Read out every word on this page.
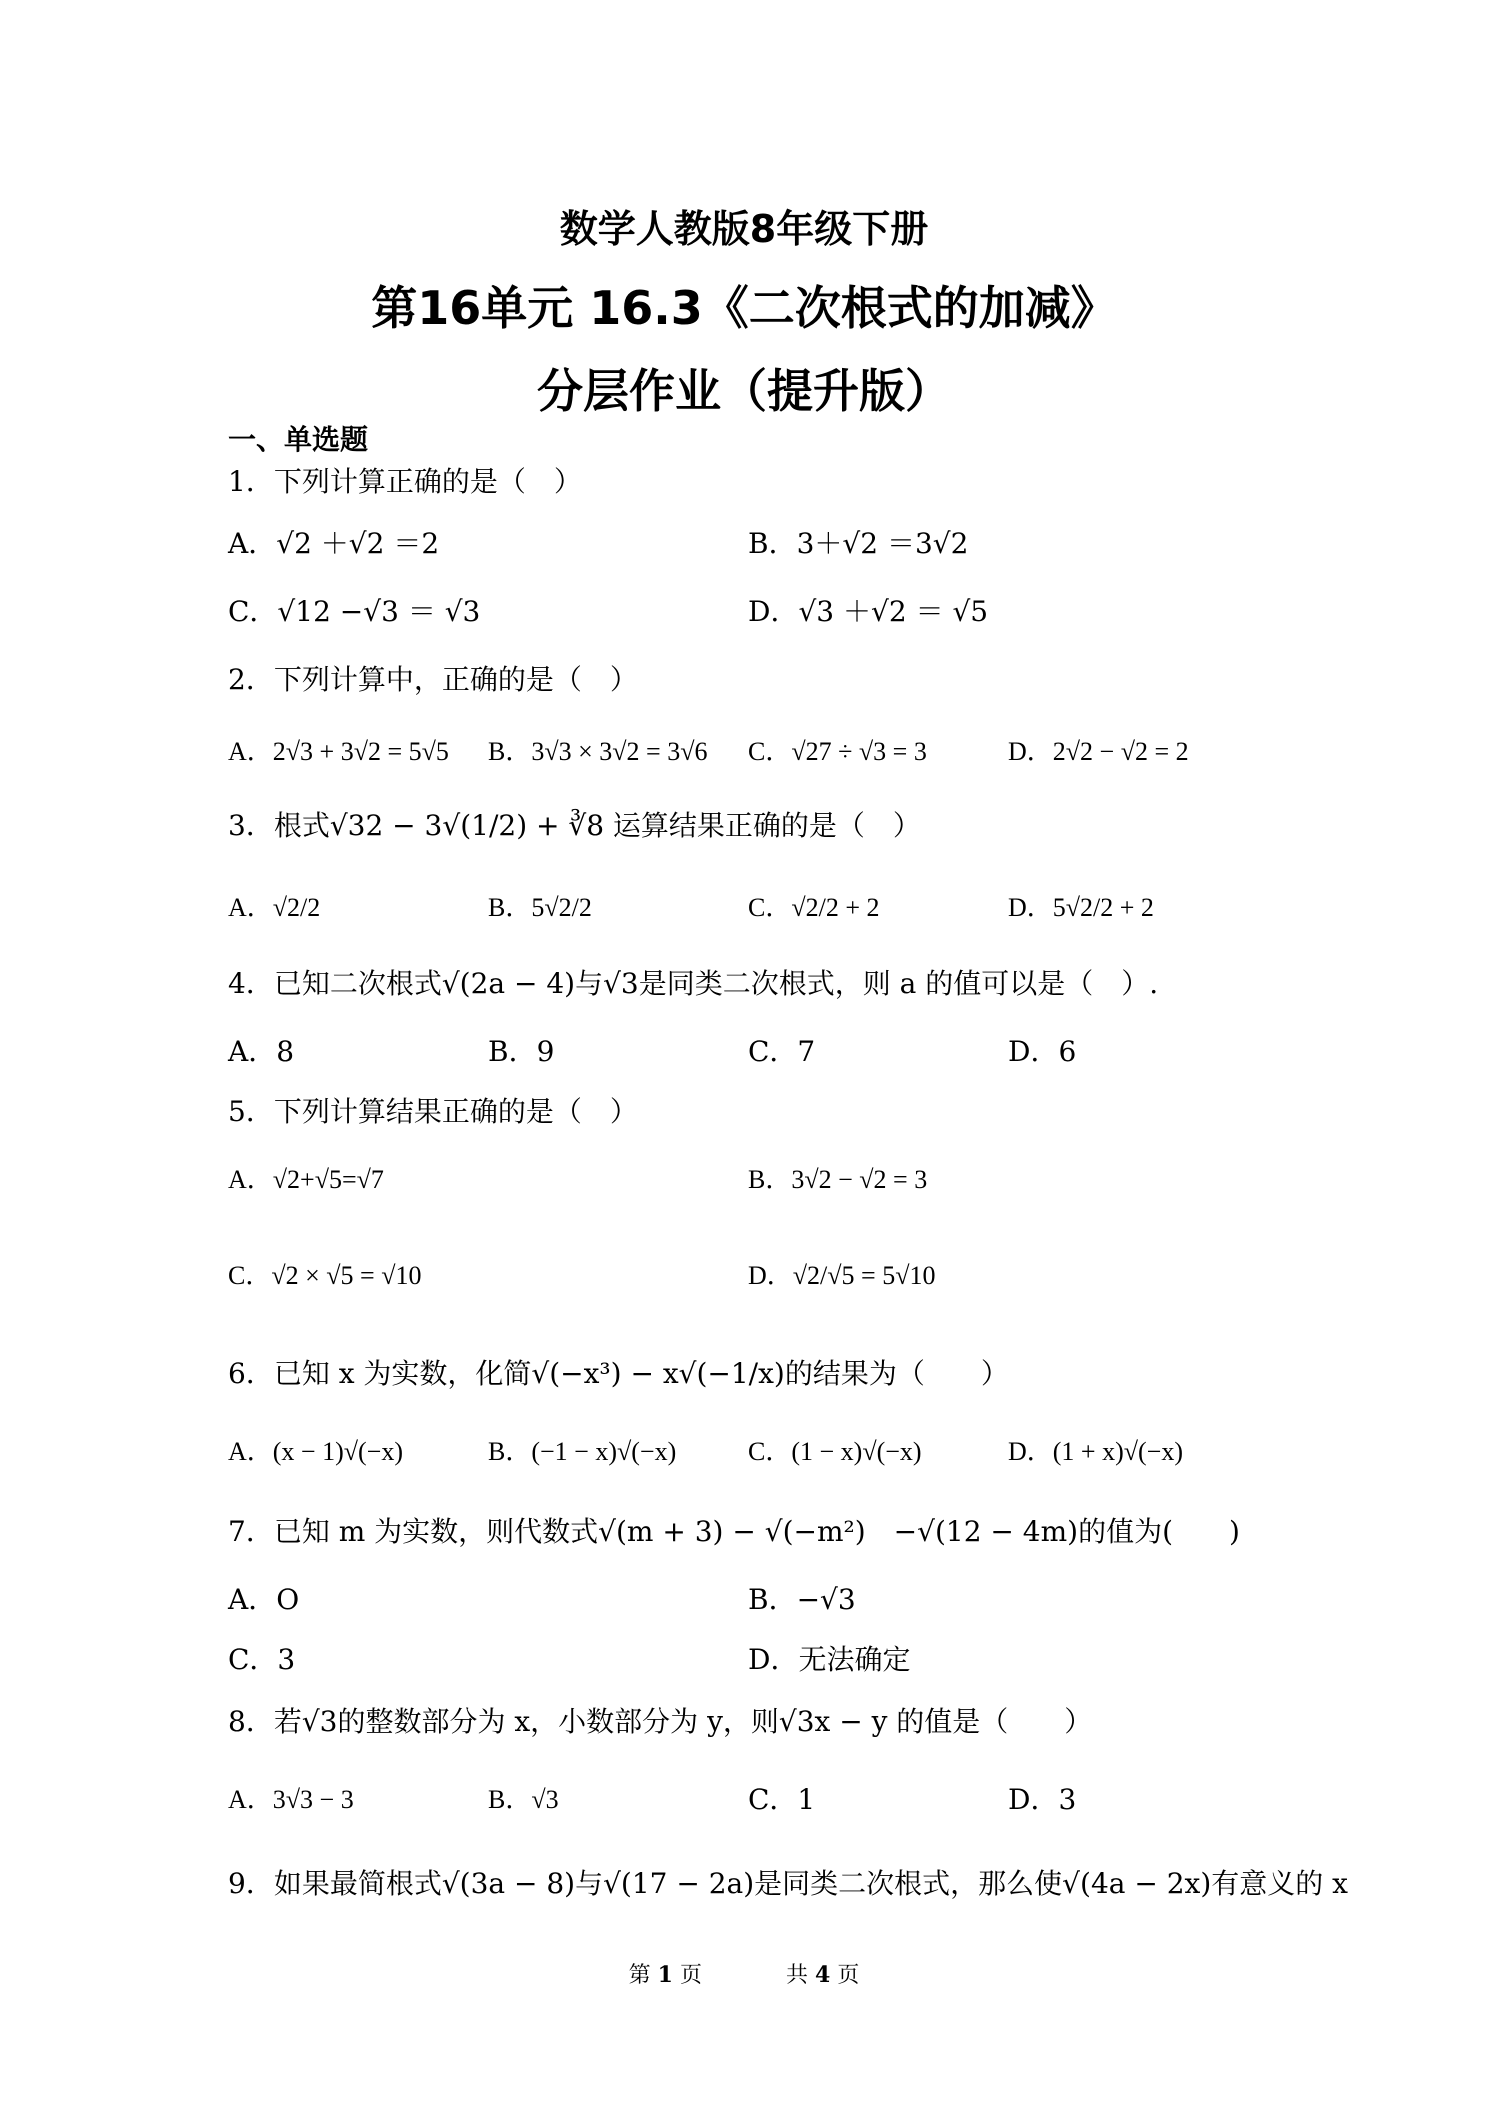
数学人教版8年级下册
第16单元 16.3《二次根式的加减》
分层作业（提升版）
一、单选题
1．下列计算正确的是（　）
A．√2 ＋√2 ＝2	B．3＋√2 ＝3√2
C．√12 −√3 ＝ √3	D．√3 ＋√2 ＝ √5
2．下列计算中，正确的是（　）
A．2√3 + 3√2 = 5√5 B．3√3 × 3√2 = 3√6 C．√27 ÷ √3 = 3	D．2√2 − √2 = 2
3．根式√32 − 3√(1/2) + ∛8 运算结果正确的是（　）
A．√2/2	B．5√2/2	C．√2/2 + 2	D．5√2/2 + 2
4．已知二次根式√(2a − 4)与√3是同类二次根式，则 a 的值可以是（　）.
A．8	B．9	C．7	D．6
5．下列计算结果正确的是（　）
A．√2+√5=√7	B．3√2 − √2 = 3
C．√2 × √5 = √10	D．√2/√5 = 5√10
6．已知 x 为实数，化简√(−x³) − x√(−1/x)的结果为（　　）
A．(x − 1)√(−x)	B．(−1 − x)√(−x)	C．(1 − x)√(−x)	D．(1 + x)√(−x)
7．已知 m 为实数，则代数式√(m + 3) − √(−m²)　−√(12 − 4m)的值为(　　)
A．O	B．−√3
C．3	D．无法确定
8．若√3的整数部分为 x，小数部分为 y，则√3x − y 的值是（　　）
A．3√3 − 3	B．√3	C．1	D．3
9．如果最简根式√(3a − 8)与√(17 − 2a)是同类二次根式，那么使√(4a − 2x)有意义的 x
第 1 页	共 4 页
